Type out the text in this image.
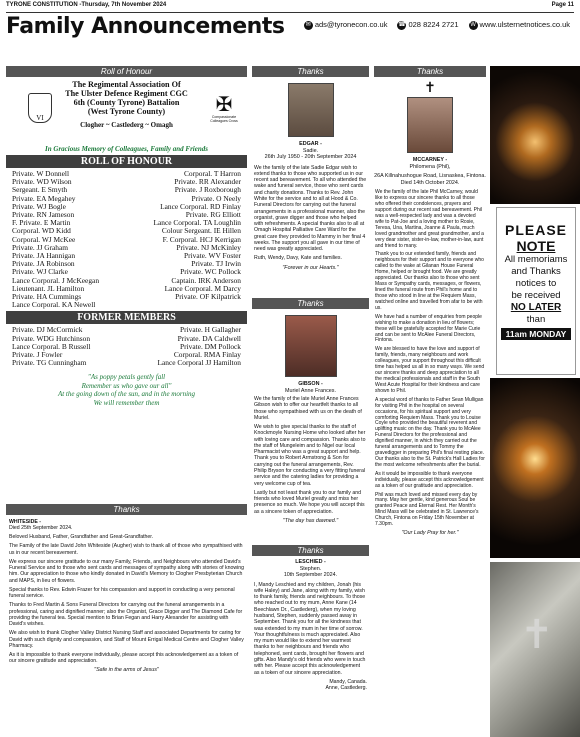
TYRONE CONSTITUTION -Thursday, 7th November 2024	Page 11
Family Announcements	✉ ads@tyronecon.co.uk ☎ 028 8224 2721 W www.ulsternetnotices.co.uk
Roll of Honour
VI
✠
Compassionate Colleagues Cross
The Regimental Association Of
The Ulster Defence Regiment CGC
6th (County Tyrone) Battalion
(West Tyrone County)
Clogher ~ Castlederg ~ Omagh
In Gracious Memory of Colleagues, Family and Friends
ROLL OF HONOUR
Private. W Donnell	Corporal. T Harron
Private. WD Wilson	Private. RR Alexander
Sergeant. E Smyth	Private. J Roxborough
Private. EA Megahey	Private. O Neely
Private. WJ Bogle	Lance Corporal. RD Finlay
Private. RN Jameson	Private. RG Elliott
F. Private. E Martin	Lance Corporal. TA Loughlin
Corporal. WD Kidd	Colour Sergeant. IE Hillen
Corporal. WJ McKee	F. Corporal. HCJ Kerrigan
Private. JJ Graham	Private. NJ McKinley
Private. JA Hannigan	Private. WV Foster
Private. JA Robinson	Private. TJ Irwin
Private. WJ Clarke	Private. WC Pollock
Lance Corporal. J McKeegan	Captain. IRK Anderson
Lieutenant. JL Hamilton	Lance Corporal. M Darcy
Private. HA Cummings	Private. OF Kilpatrick
Lance Corporal. KA Newell
FORMER MEMBERS
Private. DJ McCormick	Private. H Gallagher
Private. WDG Hutchinson	Private. DA Caldwell
Lance Corporal. B Russell	Private. DM Pollock
Private. J Fowler	Corporal. RMA Finlay
Private. TG Cunningham	Lance Corporal JJ Hamilton
"As poppy petals gently fall
Remember us who gave our all"
At the going down of the sun, and in the morning
We will remember them
Thanks

WHITESIDE -

Died 25th September 2024.

Beloved Husband, Father, Grandfather and Great-Grandfather.

The Family of the late David John Whiteside (Augher) wish to thank all of those who sympathised with us in our recent bereavement.

We express our sincere gratitude to our many Family, Friends, and Neighbours who attended David's Funeral Service and to those who sent cards and messages of sympathy along with stories of knowing him. Our appreciation to those who kindly donated in David's Memory to Clogher Presbyterian Church and MAPS, in lieu of flowers.

Special thanks to Rev. Edwin Frazer for his compassion and support in conducting a very personal funeral service.

Thanks to Fred Martin & Sons Funeral Directors for carrying out the funeral arrangements in a professional, caring and dignified manner; also the Organist, Grace Digger and The Diamond Cafe for providing the funeral tea. Special mention to Brian Fegan and Harry Alexander for assisting with David's wishes.

We also wish to thank Clogher Valley District Nursing Staff and associated Departments for caring for David with such dignity and compassion, and Staff of Mount Errigal Medical Centre and Clogher Valley Pharmacy.

As it is impossible to thank everyone individually, please accept this acknowledgement as a token of our sincere gratitude and appreciation.

"Safe in the arms of Jesus"
Thanks
EDGAR -
Sadie.
26th July 1950 - 20th September 2024

We the family of the late Sadie Edgar wish to extend thanks to those who supported us in our recent sad bereavement. To all who attended the wake and funeral service, those who sent cards and charity donations. Thanks to Rev. John White for the service and to all at Hood & Co. Funeral Directors for carrying out the funeral arrangements in a professional manner, also the organist, grave digger and those who helped with refreshments. A special thanks also to all at Omagh Hospital Palliative Care Ward for the great care they provided to Mammy in her final 4 weeks. The support you all gave in our time of need was greatly appreciated.

Ruth, Wendy, Davy, Kate and families.

"Forever in our Hearts."
Thanks
GIBSON -
Muriel Anne Frances.

We the family of the late Muriel Anne Frances Gibson wish to offer our heartfelt thanks to all those who sympathised with us on the death of Muriel.

We wish to give special thanks to the staff of Knockmoyle Nursing Home who looked after her with loving care and compassion. Thanks also to the staff of Mungeleim and to Nigel our local Pharmacist who was a great support and help. Thank you to Robert Armstrong & Son for carrying out the funeral arrangements, Rev. Philip Bryson for conducting a very fitting funeral service and the catering ladies for providing a very welcome cup of tea.

Lastly but not least thank you to our family and friends who loved Muriel greatly and miss her presence so much. We hope you will accept this as a sincere token of appreciation.

"The day has dawned."
Thanks
LESCHIED -
Stephen.
10th September 2024.

I, Mandy Leschied and my children, Jonah (his wife Haley) and Jane, along with my family, wish to thank family, friends and neighbours. To those who reached out to my mum, Anne Kane (14 Beechlawn Dr., Castlederg), when my loving husband, Stephen, suddenly passed away in September. Thank you for all the kindness that was extended to my mum in her time of sorrow. Your thoughtfulness is much appreciated. Also my mum would like to extend her warmest thanks to her neighbours and friends who telephoned, sent cards, brought her flowers and gifts. Also Mandy's old friends who were in touch with her. Please accept this acknowledgement as a token of our sincere appreciation.

Mandy, Canada.
Anne, Castlederg.
Thanks
✝
MCCARNEY -
Philomena (Phil),
26A Killnahushogue Road, Lisnaskea, Fintona.
Died 14th October 2024.

We the family of the late Phil McCarney, would like to express our sincere thanks to all those who offered their condolences, prayers and support during our recent sad bereavement. Phil was a well-respected lady and was a devoted wife to Pat-Joe and a loving mother to Rosie, Teresa, Una, Martina, Joanne & Paula, much loved grandmother and great grandmother, and a very dear sister, sister-in-law, mother-in-law, aunt and friend to many.

Thank you to our extended family, friends and neighbours for their support and to everyone who called to the wake at Gilanan House Funeral Home, helped or brought food. We are greatly appreciated. Our thanks also to those who sent Mass or Sympathy cards, messages, or flowers, lined the funeral route from Phil's home and to those who stood in line at the Requiem Mass, watched online and travelled from afar to be with us.

We have had a number of enquiries from people wishing to make a donation in lieu of flowers; these will be gratefully accepted for Marie Curie and can be sent to McAlee Funeral Directors, Fintona.

We are blessed to have the love and support of family, friends, many neighbours and work colleagues, your support throughout this difficult time has helped us all in so many ways. We send our sincere thanks and deep appreciation to all the medical professionals and staff in the South West Acute Hospital for their kindness and care shown to Phil.

A special word of thanks to Father Sean Mulligan for visiting Phil in the hospital on several occasions, for his spiritual support and very comforting Requiem Mass. Thank you to Louise Coyle who provided the beautiful reverent and uplifting music on the day. Thank you to McAlee Funeral Directors for the professional and dignified manner, in which they carried out the funeral arrangements and to Tommy the gravedigger in preparing Phil's final resting place. Our thanks also to the St. Patrick's Hall Ladies for the most welcome refreshments after the burial.

As it would be impossible to thank everyone individually, please accept this acknowledgement as a token of our gratitude and appreciation.

Phil was much loved and missed every day by many. May her gentle, kind generous Soul be granted Peace and Eternal Rest. Her Month's Mind Mass will be celebrated in St. Lawrence's Church, Fintona on Friday 15th November at 7.30pm.

"Our Lady Pray for her."
PLEASE
NOTE
All memoriams
and Thanks
notices to
be received
NO LATER
than
11am MONDAY
✝
